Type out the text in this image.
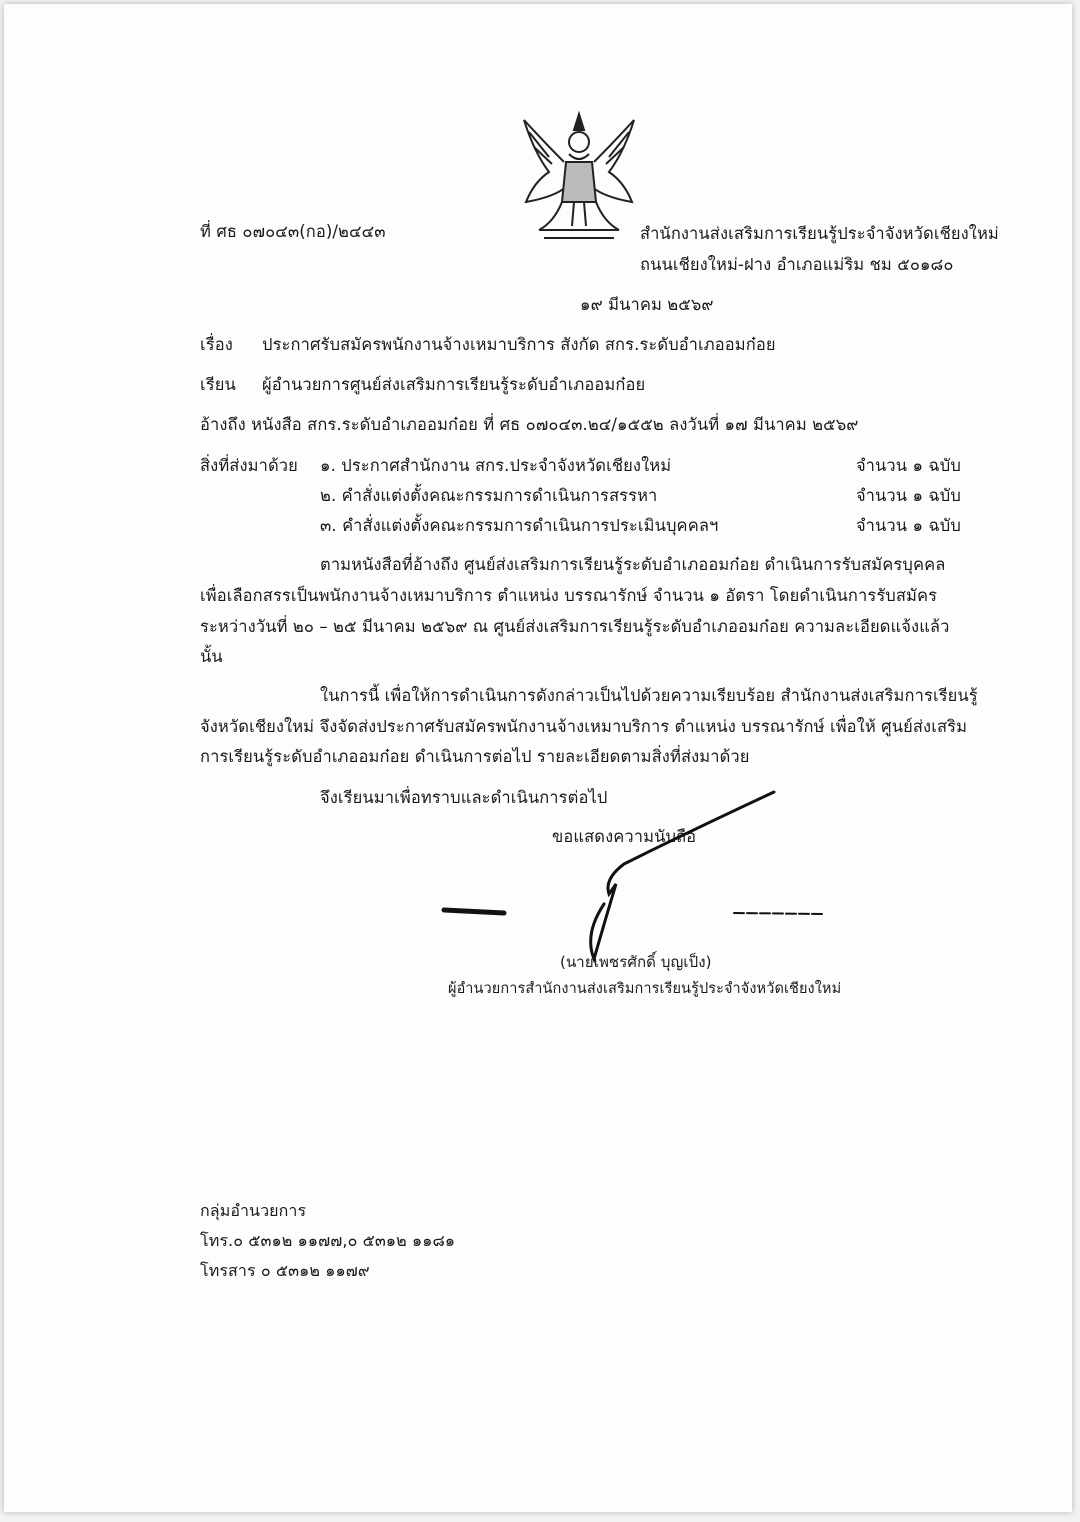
ที่ ศธ ๐๗๐๔๓(กอ)/๒๔๔๓	สำนักงานส่งเสริมการเรียนรู้ประจำจังหวัดเชียงใหม่
ถนนเชียงใหม่-ฝาง อำเภอแม่ริม ชม ๕๐๑๘๐
๑๙ มีนาคม ๒๕๖๙
เรื่อง ประกาศรับสมัครพนักงานจ้างเหมาบริการ สังกัด สกร.ระดับอำเภออมก๋อย
เรียน ผู้อำนวยการศูนย์ส่งเสริมการเรียนรู้ระดับอำเภออมก๋อย
อ้างถึง หนังสือ สกร.ระดับอำเภออมก๋อย ที่ ศธ ๐๗๐๔๓.๒๔/๑๕๕๒ ลงวันที่ ๑๗ มีนาคม ๒๕๖๙
สิ่งที่ส่งมาด้วย ๑. ประกาศสำนักงาน สกร.ประจำจังหวัดเชียงใหม่	จำนวน ๑ ฉบับ
๒. คำสั่งแต่งตั้งคณะกรรมการดำเนินการสรรหา	จำนวน ๑ ฉบับ
๓. คำสั่งแต่งตั้งคณะกรรมการดำเนินการประเมินบุคคลฯ	จำนวน ๑ ฉบับ
ตามหนังสือที่อ้างถึง ศูนย์ส่งเสริมการเรียนรู้ระดับอำเภออมก๋อย ดำเนินการรับสมัครบุคคล
เพื่อเลือกสรรเป็นพนักงานจ้างเหมาบริการ ตำแหน่ง บรรณารักษ์ จำนวน ๑ อัตรา โดยดำเนินการรับสมัคร
ระหว่างวันที่ ๒๐ – ๒๕ มีนาคม ๒๕๖๙ ณ ศูนย์ส่งเสริมการเรียนรู้ระดับอำเภออมก๋อย ความละเอียดแจ้งแล้ว
นั้น
ในการนี้ เพื่อให้การดำเนินการดังกล่าวเป็นไปด้วยความเรียบร้อย สำนักงานส่งเสริมการเรียนรู้
จังหวัดเชียงใหม่ จึงจัดส่งประกาศรับสมัครพนักงานจ้างเหมาบริการ ตำแหน่ง บรรณารักษ์ เพื่อให้ ศูนย์ส่งเสริม
การเรียนรู้ระดับอำเภออมก๋อย ดำเนินการต่อไป รายละเอียดตามสิ่งที่ส่งมาด้วย
จึงเรียนมาเพื่อทราบและดำเนินการต่อไป
ขอแสดงความนับถือ
(นายเพชรศักดิ์ บุญเป็ง)
ผู้อำนวยการสำนักงานส่งเสริมการเรียนรู้ประจำจังหวัดเชียงใหม่
กลุ่มอำนวยการ
โทร.๐ ๕๓๑๒ ๑๑๗๗,๐ ๕๓๑๒ ๑๑๘๑
โทรสาร ๐ ๕๓๑๒ ๑๑๗๙
